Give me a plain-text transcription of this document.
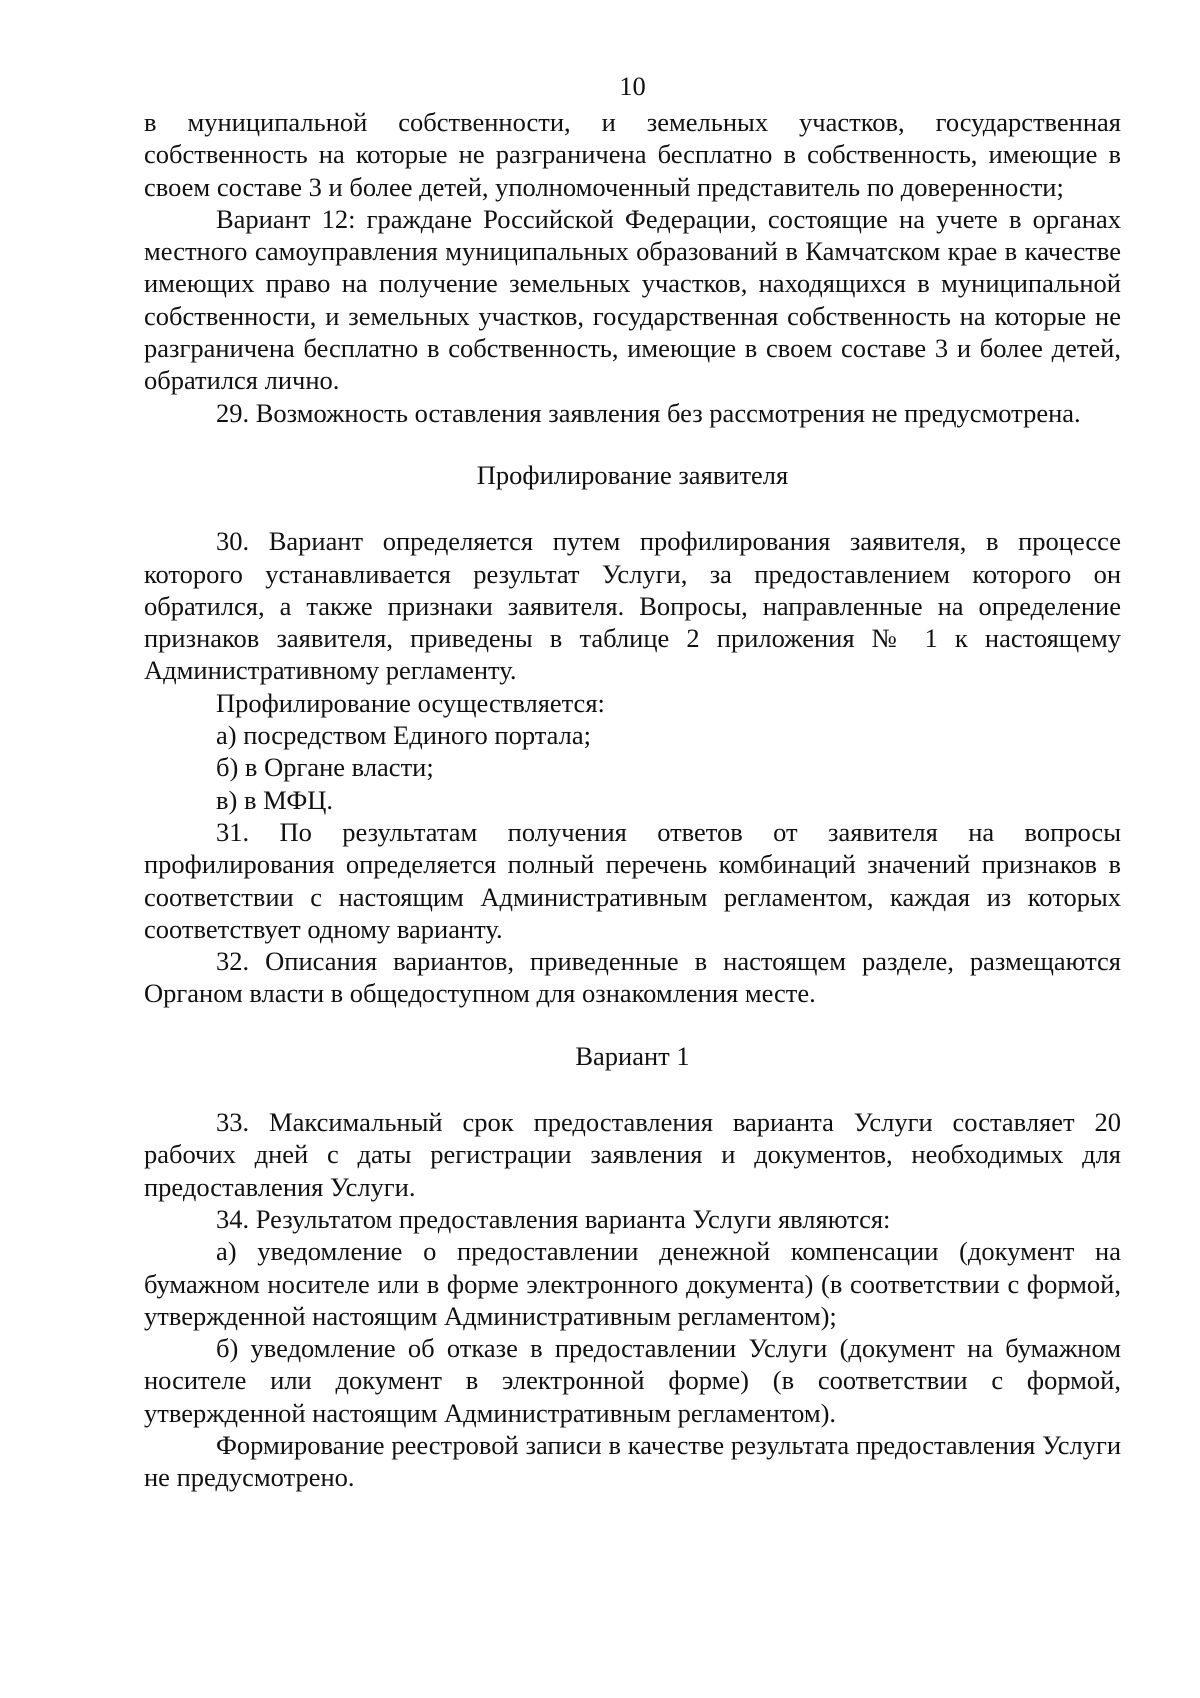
10

в муниципальной собственности, и земельных участков, государственная собственность на которые не разграничена бесплатно в собственность, имеющие в своем составе 3 и более детей, уполномоченный представитель по доверенности;

Вариант 12: граждане Российской Федерации, состоящие на учете в органах местного самоуправления муниципальных образований в Камчатском крае в качестве имеющих право на получение земельных участков, находящихся в муниципальной собственности, и земельных участков, государственная собственность на которые не разграничена бесплатно в собственность, имеющие в своем составе 3 и более детей, обратился лично.

29. Возможность оставления заявления без рассмотрения не предусмотрена.

Профилирование заявителя

30. Вариант определяется путем профилирования заявителя, в процессе которого устанавливается результат Услуги, за предоставлением которого он обратился, а также признаки заявителя. Вопросы, направленные на определение признаков заявителя, приведены в таблице 2 приложения № 1 к настоящему Административному регламенту.

Профилирование осуществляется:

а) посредством Единого портала;

б) в Органе власти;

в) в МФЦ.

31. По результатам получения ответов от заявителя на вопросы профилирования определяется полный перечень комбинаций значений признаков в соответствии с настоящим Административным регламентом, каждая из которых соответствует одному варианту.

32. Описания вариантов, приведенные в настоящем разделе, размещаются Органом власти в общедоступном для ознакомления месте.

Вариант 1

33. Максимальный срок предоставления варианта Услуги составляет 20 рабочих дней с даты регистрации заявления и документов, необходимых для предоставления Услуги.

34. Результатом предоставления варианта Услуги являются:

а) уведомление о предоставлении денежной компенсации (документ на бумажном носителе или в форме электронного документа) (в соответствии с формой, утвержденной настоящим Административным регламентом);

б) уведомление об отказе в предоставлении Услуги (документ на бумажном носителе или документ в электронной форме) (в соответствии с формой, утвержденной настоящим Административным регламентом).

Формирование реестровой записи в качестве результата предоставления Услуги не предусмотрено.
